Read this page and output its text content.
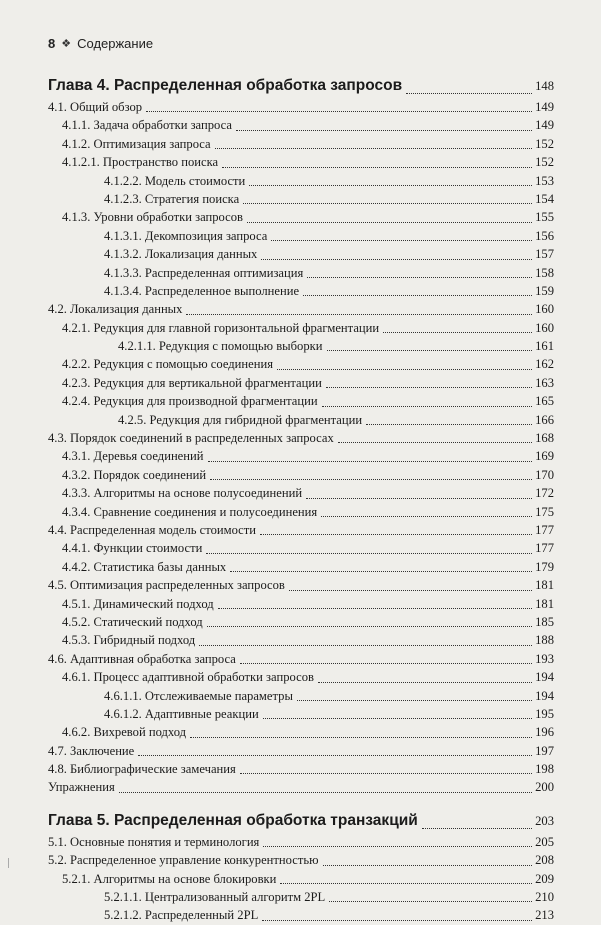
8 ❖ Содержание
Глава 4. Распределенная обработка запросов	148
4.1. Общий обзор	149
4.1.1. Задача обработки запроса	149
4.1.2. Оптимизация запроса	152
4.1.2.1. Пространство поиска	152
4.1.2.2. Модель стоимости	153
4.1.2.3. Стратегия поиска	154
4.1.3. Уровни обработки запросов	155
4.1.3.1. Декомпозиция запроса	156
4.1.3.2. Локализация данных	157
4.1.3.3. Распределенная оптимизация	158
4.1.3.4. Распределенное выполнение	159
4.2. Локализация данных	160
4.2.1. Редукция для главной горизонтальной фрагментации	160
4.2.1.1. Редукция с помощью выборки	161
4.2.2. Редукция с помощью соединения	162
4.2.3. Редукция для вертикальной фрагментации	163
4.2.4. Редукция для производной фрагментации	165
4.2.5. Редукция для гибридной фрагментации	166
4.3. Порядок соединений в распределенных запросах	168
4.3.1. Деревья соединений	169
4.3.2. Порядок соединений	170
4.3.3. Алгоритмы на основе полусоединений	172
4.3.4. Сравнение соединения и полусоединения	175
4.4. Распределенная модель стоимости	177
4.4.1. Функции стоимости	177
4.4.2. Статистика базы данных	179
4.5. Оптимизация распределенных запросов	181
4.5.1. Динамический подход	181
4.5.2. Статический подход	185
4.5.3. Гибридный подход	188
4.6. Адаптивная обработка запроса	193
4.6.1. Процесс адаптивной обработки запросов	194
4.6.1.1. Отслеживаемые параметры	194
4.6.1.2. Адаптивные реакции	195
4.6.2. Вихревой подход	196
4.7. Заключение	197
4.8. Библиографические замечания	198
Упражнения	200
Глава 5. Распределенная обработка транзакций	203
5.1. Основные понятия и терминология	205
5.2. Распределенное управление конкурентностью	208
5.2.1. Алгоритмы на основе блокировки	209
5.2.1.1. Централизованный алгоритм 2PL	210
5.2.1.2. Распределенный 2PL	213
